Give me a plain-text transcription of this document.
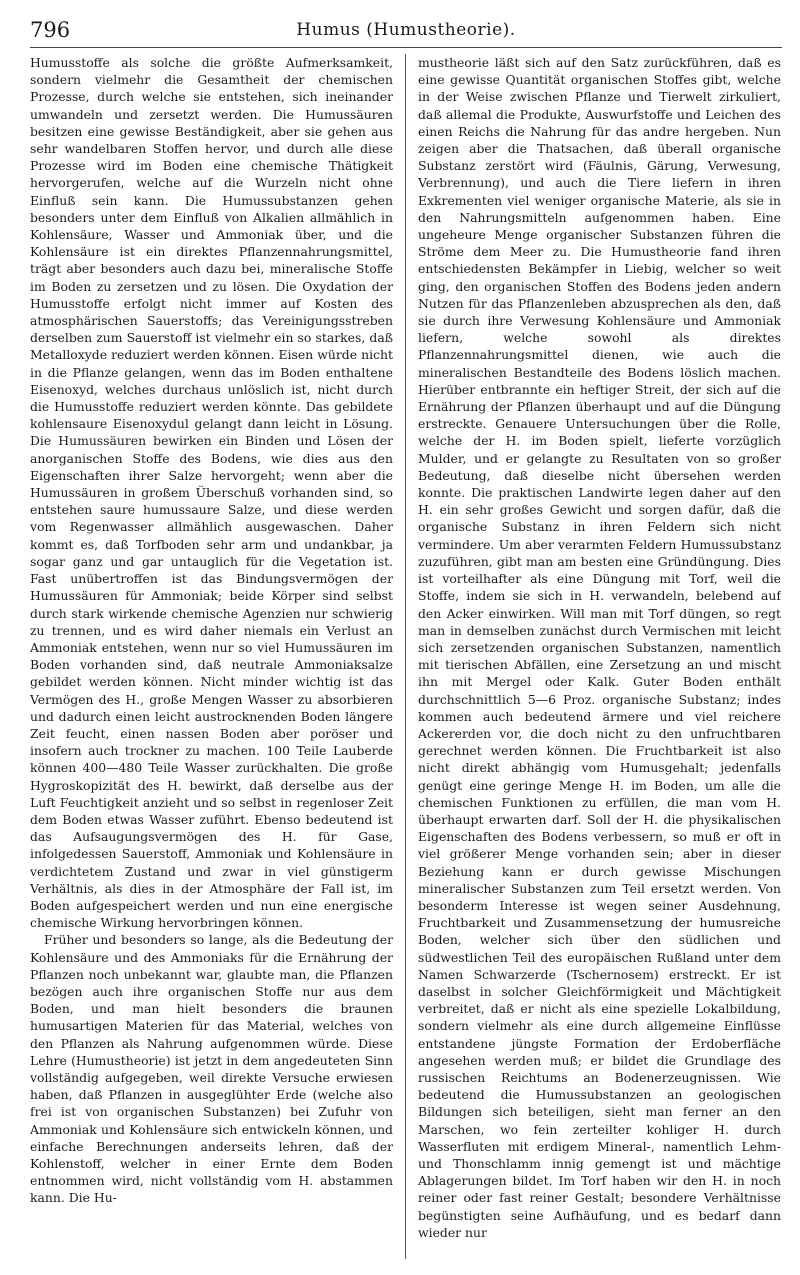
796	Humus (Humustheorie).

Humusstoffe als solche die größte Aufmerksamkeit, sondern vielmehr die Gesamtheit der chemischen Prozesse, durch welche sie entstehen, sich ineinander umwandeln und zersetzt werden. Die Humussäuren besitzen eine gewisse Beständigkeit, aber sie gehen aus sehr wandelbaren Stoffen hervor, und durch alle diese Prozesse wird im Boden eine chemische Thätigkeit hervorgerufen, welche auf die Wurzeln nicht ohne Einfluß sein kann. Die Humussubstanzen gehen besonders unter dem Einfluß von Alkalien allmählich in Kohlensäure, Wasser und Ammoniak über, und die Kohlensäure ist ein direktes Pflanzennahrungsmittel, trägt aber besonders auch dazu bei, mineralische Stoffe im Boden zu zersetzen und zu lösen. Die Oxydation der Humusstoffe erfolgt nicht immer auf Kosten des atmosphärischen Sauerstoffs; das Vereinigungsstreben derselben zum Sauerstoff ist vielmehr ein so starkes, daß Metalloxyde reduziert werden können. Eisen würde nicht in die Pflanze gelangen, wenn das im Boden enthaltene Eisenoxyd, welches durchaus unlöslich ist, nicht durch die Humusstoffe reduziert werden könnte. Das gebildete kohlensaure Eisenoxydul gelangt dann leicht in Lösung. Die Humussäuren bewirken ein Binden und Lösen der anorganischen Stoffe des Bodens, wie dies aus den Eigenschaften ihrer Salze hervorgeht; wenn aber die Humussäuren in großem Überschuß vorhanden sind, so entstehen saure humussaure Salze, und diese werden vom Regenwasser allmählich ausgewaschen. Daher kommt es, daß Torfboden sehr arm und undankbar, ja sogar ganz und gar untauglich für die Vegetation ist. Fast unübertroffen ist das Bindungsvermögen der Humussäuren für Ammoniak; beide Körper sind selbst durch stark wirkende chemische Agenzien nur schwierig zu trennen, und es wird daher niemals ein Verlust an Ammoniak entstehen, wenn nur so viel Humussäuren im Boden vorhanden sind, daß neutrale Ammoniaksalze gebildet werden können. Nicht minder wichtig ist das Vermögen des H., große Mengen Wasser zu absorbieren und dadurch einen leicht austrocknenden Boden längere Zeit feucht, einen nassen Boden aber poröser und insofern auch trockner zu machen. 100 Teile Lauberde können 400—480 Teile Wasser zurückhalten. Die große Hygroskopizität des H. bewirkt, daß derselbe aus der Luft Feuchtigkeit anzieht und so selbst in regenloser Zeit dem Boden etwas Wasser zuführt. Ebenso bedeutend ist das Aufsaugungsvermögen des H. für Gase, infolgedessen Sauerstoff, Ammoniak und Kohlensäure in verdichtetem Zustand und zwar in viel günstigerm Verhältnis, als dies in der Atmosphäre der Fall ist, im Boden aufgespeichert werden und nun eine energische chemische Wirkung hervorbringen können.

Früher und besonders so lange, als die Bedeutung der Kohlensäure und des Ammoniaks für die Ernährung der Pflanzen noch unbekannt war, glaubte man, die Pflanzen bezögen auch ihre organischen Stoffe nur aus dem Boden, und man hielt besonders die braunen humusartigen Materien für das Material, welches von den Pflanzen als Nahrung aufgenommen würde. Diese Lehre (Humustheorie) ist jetzt in dem angedeuteten Sinn vollständig aufgegeben, weil direkte Versuche erwiesen haben, daß Pflanzen in ausgeglühter Erde (welche also frei ist von organischen Substanzen) bei Zufuhr von Ammoniak und Kohlensäure sich entwickeln können, und einfache Berechnungen anderseits lehren, daß der Kohlenstoff, welcher in einer Ernte dem Boden entnommen wird, nicht vollständig vom H. abstammen kann. Die Hu-

mustheorie läßt sich auf den Satz zurückführen, daß es eine gewisse Quantität organischen Stoffes gibt, welche in der Weise zwischen Pflanze und Tierwelt zirkuliert, daß allemal die Produkte, Auswurfstoffe und Leichen des einen Reichs die Nahrung für das andre hergeben. Nun zeigen aber die Thatsachen, daß überall organische Substanz zerstört wird (Fäulnis, Gärung, Verwesung, Verbrennung), und auch die Tiere liefern in ihren Exkrementen viel weniger organische Materie, als sie in den Nahrungsmitteln aufgenommen haben. Eine ungeheure Menge organischer Substanzen führen die Ströme dem Meer zu. Die Humustheorie fand ihren entschiedensten Bekämpfer in Liebig, welcher so weit ging, den organischen Stoffen des Bodens jeden andern Nutzen für das Pflanzenleben abzusprechen als den, daß sie durch ihre Verwesung Kohlensäure und Ammoniak liefern, welche sowohl als direktes Pflanzennahrungsmittel dienen, wie auch die mineralischen Bestandteile des Bodens löslich machen. Hierüber entbrannte ein heftiger Streit, der sich auf die Ernährung der Pflanzen überhaupt und auf die Düngung erstreckte. Genauere Untersuchungen über die Rolle, welche der H. im Boden spielt, lieferte vorzüglich Mulder, und er gelangte zu Resultaten von so großer Bedeutung, daß dieselbe nicht übersehen werden konnte. Die praktischen Landwirte legen daher auf den H. ein sehr großes Gewicht und sorgen dafür, daß die organische Substanz in ihren Feldern sich nicht vermindere. Um aber verarmten Feldern Humussubstanz zuzuführen, gibt man am besten eine Gründüngung. Dies ist vorteilhafter als eine Düngung mit Torf, weil die Stoffe, indem sie sich in H. verwandeln, belebend auf den Acker einwirken. Will man mit Torf düngen, so regt man in demselben zunächst durch Vermischen mit leicht sich zersetzenden organischen Substanzen, namentlich mit tierischen Abfällen, eine Zersetzung an und mischt ihn mit Mergel oder Kalk. Guter Boden enthält durchschnittlich 5—6 Proz. organische Substanz; indes kommen auch bedeutend ärmere und viel reichere Ackererden vor, die doch nicht zu den unfruchtbaren gerechnet werden können. Die Fruchtbarkeit ist also nicht direkt abhängig vom Humusgehalt; jedenfalls genügt eine geringe Menge H. im Boden, um alle die chemischen Funktionen zu erfüllen, die man vom H. überhaupt erwarten darf. Soll der H. die physikalischen Eigenschaften des Bodens verbessern, so muß er oft in viel größerer Menge vorhanden sein; aber in dieser Beziehung kann er durch gewisse Mischungen mineralischer Substanzen zum Teil ersetzt werden. Von besonderm Interesse ist wegen seiner Ausdehnung, Fruchtbarkeit und Zusammensetzung der humusreiche Boden, welcher sich über den südlichen und südwestlichen Teil des europäischen Rußland unter dem Namen Schwarzerde (Tschernosem) erstreckt. Er ist daselbst in solcher Gleichförmigkeit und Mächtigkeit verbreitet, daß er nicht als eine spezielle Lokalbildung, sondern vielmehr als eine durch allgemeine Einflüsse entstandene jüngste Formation der Erdoberfläche angesehen werden muß; er bildet die Grundlage des russischen Reichtums an Bodenerzeugnissen. Wie bedeutend die Humussubstanzen an geologischen Bildungen sich beteiligen, sieht man ferner an den Marschen, wo fein zerteilter kohliger H. durch Wasserfluten mit erdigem Mineral-, namentlich Lehm- und Thonschlamm innig gemengt ist und mächtige Ablagerungen bildet. Im Torf haben wir den H. in noch reiner oder fast reiner Gestalt; besondere Verhältnisse begünstigten seine Aufhäufung, und es bedarf dann wieder nur
